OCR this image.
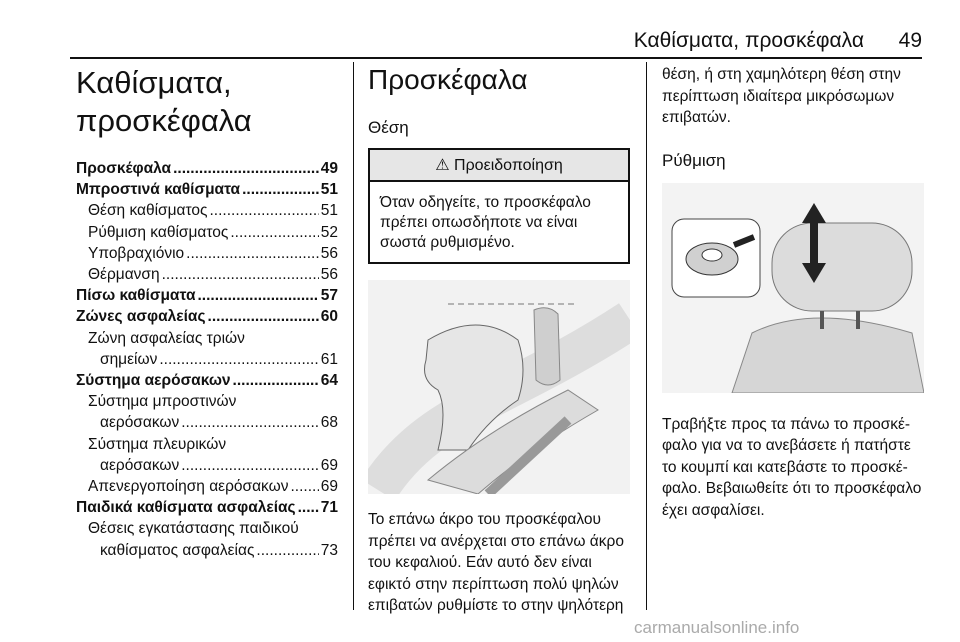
Καθίσματα, προσκέφαλα 49
Καθίσματα,
προσκέφαλα
Προσκέφαλα .....	49
Μπροστινά καθίσματα .....	51
Θέση καθίσματος .....	51
Ρύθμιση καθίσματος .....	52
Υποβραχιόνιο .....	56
Θέρμανση .....	56
Πίσω καθίσματα .....	57
Ζώνες ασφαλείας .....	60
Ζώνη ασφαλείας τριών
σημείων .....	61
Σύστημα αερόσακων .....	64
Σύστημα μπροστινών
αερόσακων .....	68
Σύστημα πλευρικών
αερόσακων .....	69
Απενεργοποίηση αερόσακων ..... 69
Παιδικά καθίσματα ασφαλείας ..... 71
Θέσεις εγκατάστασης παιδικού
καθίσματος ασφαλείας .....	73
Προσκέφαλα
Θέση
⚠ Προειδοποίηση
Όταν οδηγείτε, το προσκέφαλο πρέπει οπωσδήποτε να είναι σωστά ρυθμισμένο.

Το επάνω άκρο του προσκέφαλου πρέπει να ανέρχεται στο επάνω άκρο του κεφαλιού. Εάν αυτό δεν είναι εφικτό στην περίπτωση πολύ ψηλών επιβατών ρυθμίστε το στην ψηλότερη

θέση, ή στη χαμηλότερη θέση στην περίπτωση ιδιαίτερα μικρόσωμων επιβατών.

Ρύθμιση

Τραβήξτε προς τα πάνω το προσκέφαλο για να το ανεβάσετε ή πατήστε το κουμπί και κατεβάστε το προσκέφαλο. Βεβαιωθείτε ότι το προσκέφαλο έχει ασφαλίσει.

carmanualsonline.info
